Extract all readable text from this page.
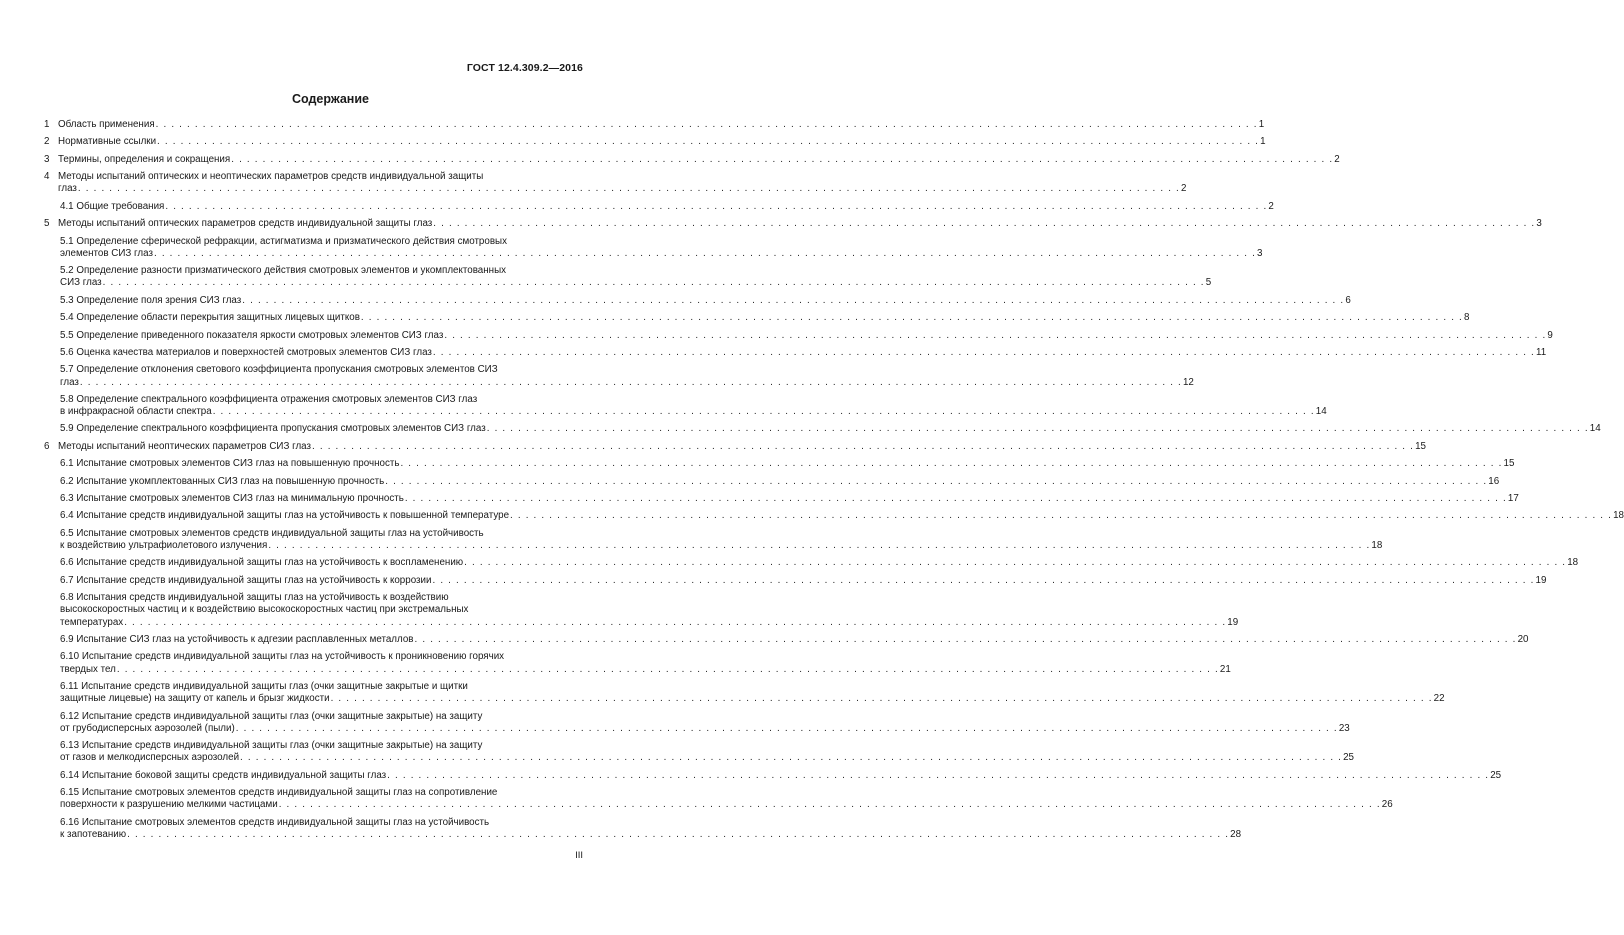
ГОСТ 12.4.309.2—2016
Содержание
1 Область применения . . .	1
2 Нормативные ссылки . . .	1
3 Термины, определения и сокращения . . .	2
4 Методы испытаний оптических и неоптических параметров средств индивидуальной защиты
глаз . . .	2
4.1 Общие требования . . .	2
5 Методы испытаний оптических параметров средств индивидуальной защиты глаз . . .	3
5.1 Определение сферической рефракции, астигматизма и призматического действия смотровых
элементов СИЗ глаз . . .	3
5.2 Определение разности призматического действия смотровых элементов и укомплектованных
СИЗ глаз . . .	5
5.3 Определение поля зрения СИЗ глаз . . .	6
5.4 Определение области перекрытия защитных лицевых щитков . . .	8
5.5 Определение приведенного показателя яркости смотровых элементов СИЗ глаз . . .	9
5.6 Оценка качества материалов и поверхностей смотровых элементов СИЗ глаз . . .	11
5.7 Определение отклонения светового коэффициента пропускания смотровых элементов СИЗ
глаз . . .	12
5.8 Определение спектрального коэффициента отражения смотровых элементов СИЗ глаз
в инфракрасной области спектра . . .	14
5.9 Определение спектрального коэффициента пропускания смотровых элементов СИЗ глаз . . .	14
6 Методы испытаний неоптических параметров СИЗ глаз . . .	15
6.1 Испытание смотровых элементов СИЗ глаз на повышенную прочность . . .	15
6.2 Испытание укомплектованных СИЗ глаз на повышенную прочность . . .	16
6.3 Испытание смотровых элементов СИЗ глаз на минимальную прочность . . .	17
6.4 Испытание средств индивидуальной защиты глаз на устойчивость к повышенной температуре . . .	18
6.5 Испытание смотровых элементов средств индивидуальной защиты глаз на устойчивость
к воздействию ультрафиолетового излучения . . .	18
6.6 Испытание средств индивидуальной защиты глаз на устойчивость к воспламенению . . .	18
6.7 Испытание средств индивидуальной защиты глаз на устойчивость к коррозии . . .	19
6.8 Испытания средств индивидуальной защиты глаз на устойчивость к воздействию
высокоскоростных частиц и к воздействию высокоскоростных частиц при экстремальных
температурах . . .	19
6.9 Испытание СИЗ глаз на устойчивость к адгезии расплавленных металлов . . .	20
6.10 Испытание средств индивидуальной защиты глаз на устойчивость к проникновению горячих
твердых тел . . .	21
6.11 Испытание средств индивидуальной защиты глаз (очки защитные закрытые и щитки
защитные лицевые) на защиту от капель и брызг жидкости . . .	22
6.12 Испытание средств индивидуальной защиты глаз (очки защитные закрытые) на защиту
от грубодисперсных аэрозолей (пыли) . . .	23
6.13 Испытание средств индивидуальной защиты глаз (очки защитные закрытые) на защиту
от газов и мелкодисперсных аэрозолей . . .	25
6.14 Испытание боковой защиты средств индивидуальной защиты глаз . . .	25
6.15 Испытание смотровых элементов средств индивидуальной защиты глаз на сопротивление
поверхности к разрушению мелкими частицами . . .	26
6.16 Испытание смотровых элементов средств индивидуальной защиты глаз на устойчивость
к запотеванию . . .	28
III
